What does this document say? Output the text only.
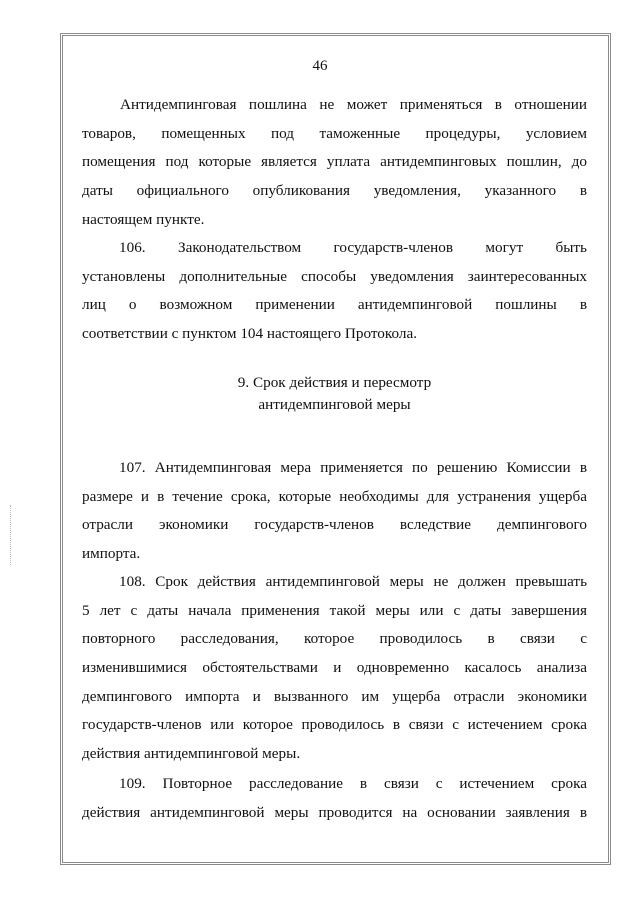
46
Антидемпинговая пошлина не может применяться в отношении
товаров, помещенных под таможенные процедуры, условием
помещения под которые является уплата антидемпинговых пошлин, до
даты официального опубликования уведомления, указанного в
настоящем пункте.
106. Законодательством государств-членов могут быть
установлены дополнительные способы уведомления заинтересованных
лиц о возможном применении антидемпинговой пошлины в
соответствии с пунктом 104 настоящего Протокола.
9. Срок действия и пересмотр
антидемпинговой меры
107. Антидемпинговая мера применяется по решению Комиссии в
размере и в течение срока, которые необходимы для устранения ущерба
отрасли экономики государств-членов вследствие демпингового
импорта.
108. Срок действия антидемпинговой меры не должен превышать
5 лет с даты начала применения такой меры или с даты завершения
повторного расследования, которое проводилось в связи с
изменившимися обстоятельствами и одновременно касалось анализа
демпингового импорта и вызванного им ущерба отрасли экономики
государств-членов или которое проводилось в связи с истечением срока
действия антидемпинговой меры.
109. Повторное расследование в связи с истечением срока
действия антидемпинговой меры проводится на основании заявления в
